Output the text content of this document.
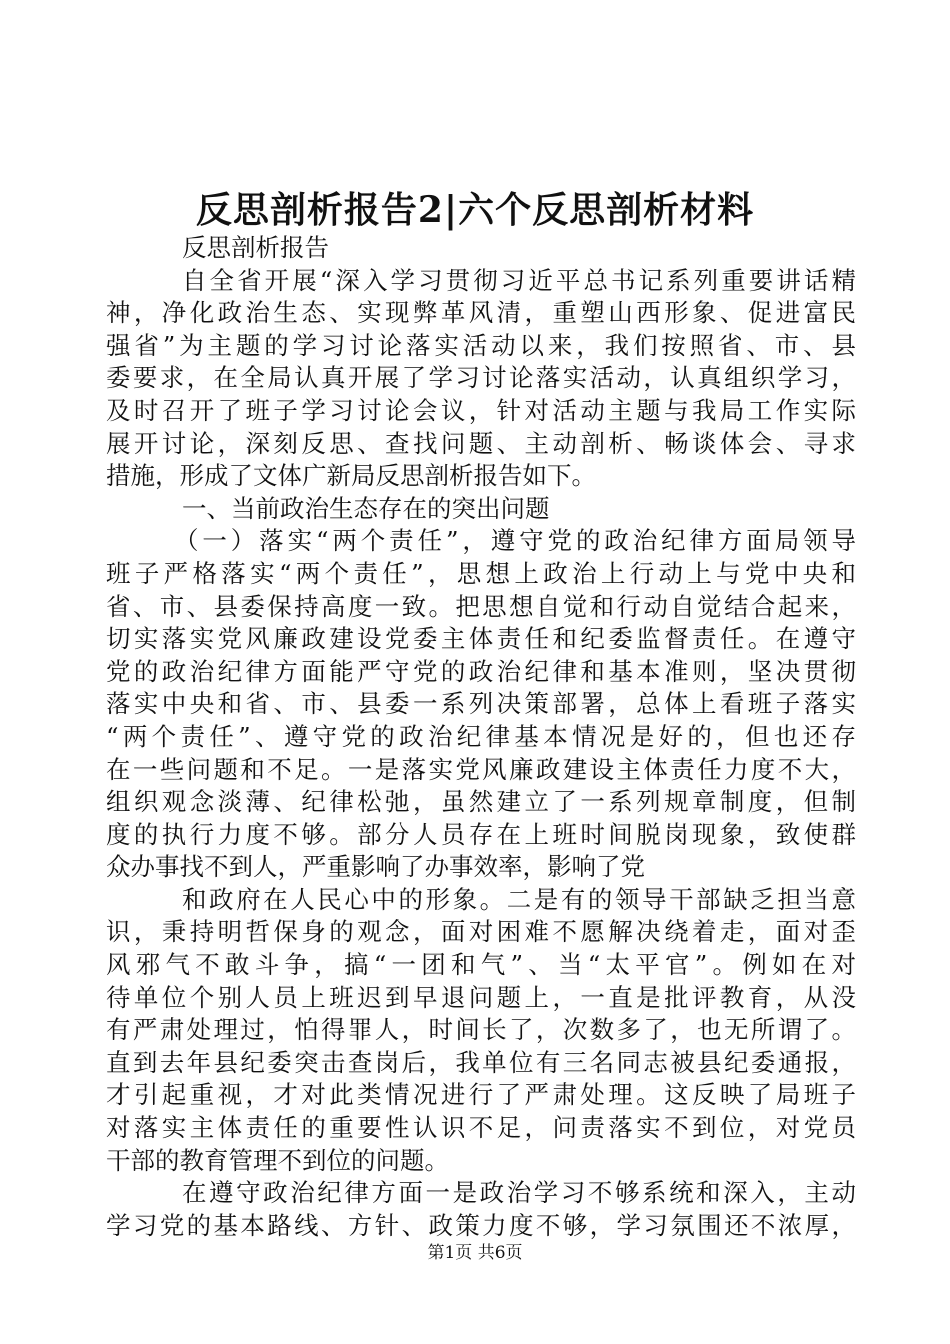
反思剖析报告2|六个反思剖析材料
反思剖析报告
自全省开展“深入学习贯彻习近平总书记系列重要讲话精
神，净化政治生态、实现弊革风清，重塑山西形象、促进富民
强省”为主题的学习讨论落实活动以来，我们按照省、市、县
委要求，在全局认真开展了学习讨论落实活动，认真组织学习，
及时召开了班子学习讨论会议，针对活动主题与我局工作实际
展开讨论，深刻反思、查找问题、主动剖析、畅谈体会、寻求
措施，形成了文体广新局反思剖析报告如下。
一、当前政治生态存在的突出问题
（一）落实“两个责任”，遵守党的政治纪律方面局领导
班子严格落实“两个责任”，思想上政治上行动上与党中央和
省、市、县委保持高度一致。把思想自觉和行动自觉结合起来，
切实落实党风廉政建设党委主体责任和纪委监督责任。在遵守
党的政治纪律方面能严守党的政治纪律和基本准则，坚决贯彻
落实中央和省、市、县委一系列决策部署，总体上看班子落实
“两个责任”、遵守党的政治纪律基本情况是好的，但也还存
在一些问题和不足。一是落实党风廉政建设主体责任力度不大，
组织观念淡薄、纪律松弛，虽然建立了一系列规章制度，但制
度的执行力度不够。部分人员存在上班时间脱岗现象，致使群
众办事找不到人，严重影响了办事效率，影响了党
和政府在人民心中的形象。二是有的领导干部缺乏担当意
识，秉持明哲保身的观念，面对困难不愿解决绕着走，面对歪
风邪气不敢斗争，搞“一团和气”、当“太平官”。例如在对
待单位个别人员上班迟到早退问题上，一直是批评教育，从没
有严肃处理过，怕得罪人，时间长了，次数多了，也无所谓了。
直到去年县纪委突击查岗后，我单位有三名同志被县纪委通报，
才引起重视，才对此类情况进行了严肃处理。这反映了局班子
对落实主体责任的重要性认识不足，问责落实不到位，对党员
干部的教育管理不到位的问题。
在遵守政治纪律方面一是政治学习不够系统和深入，主动
学习党的基本路线、方针、政策力度不够，学习氛围还不浓厚，
第1页 共6页
